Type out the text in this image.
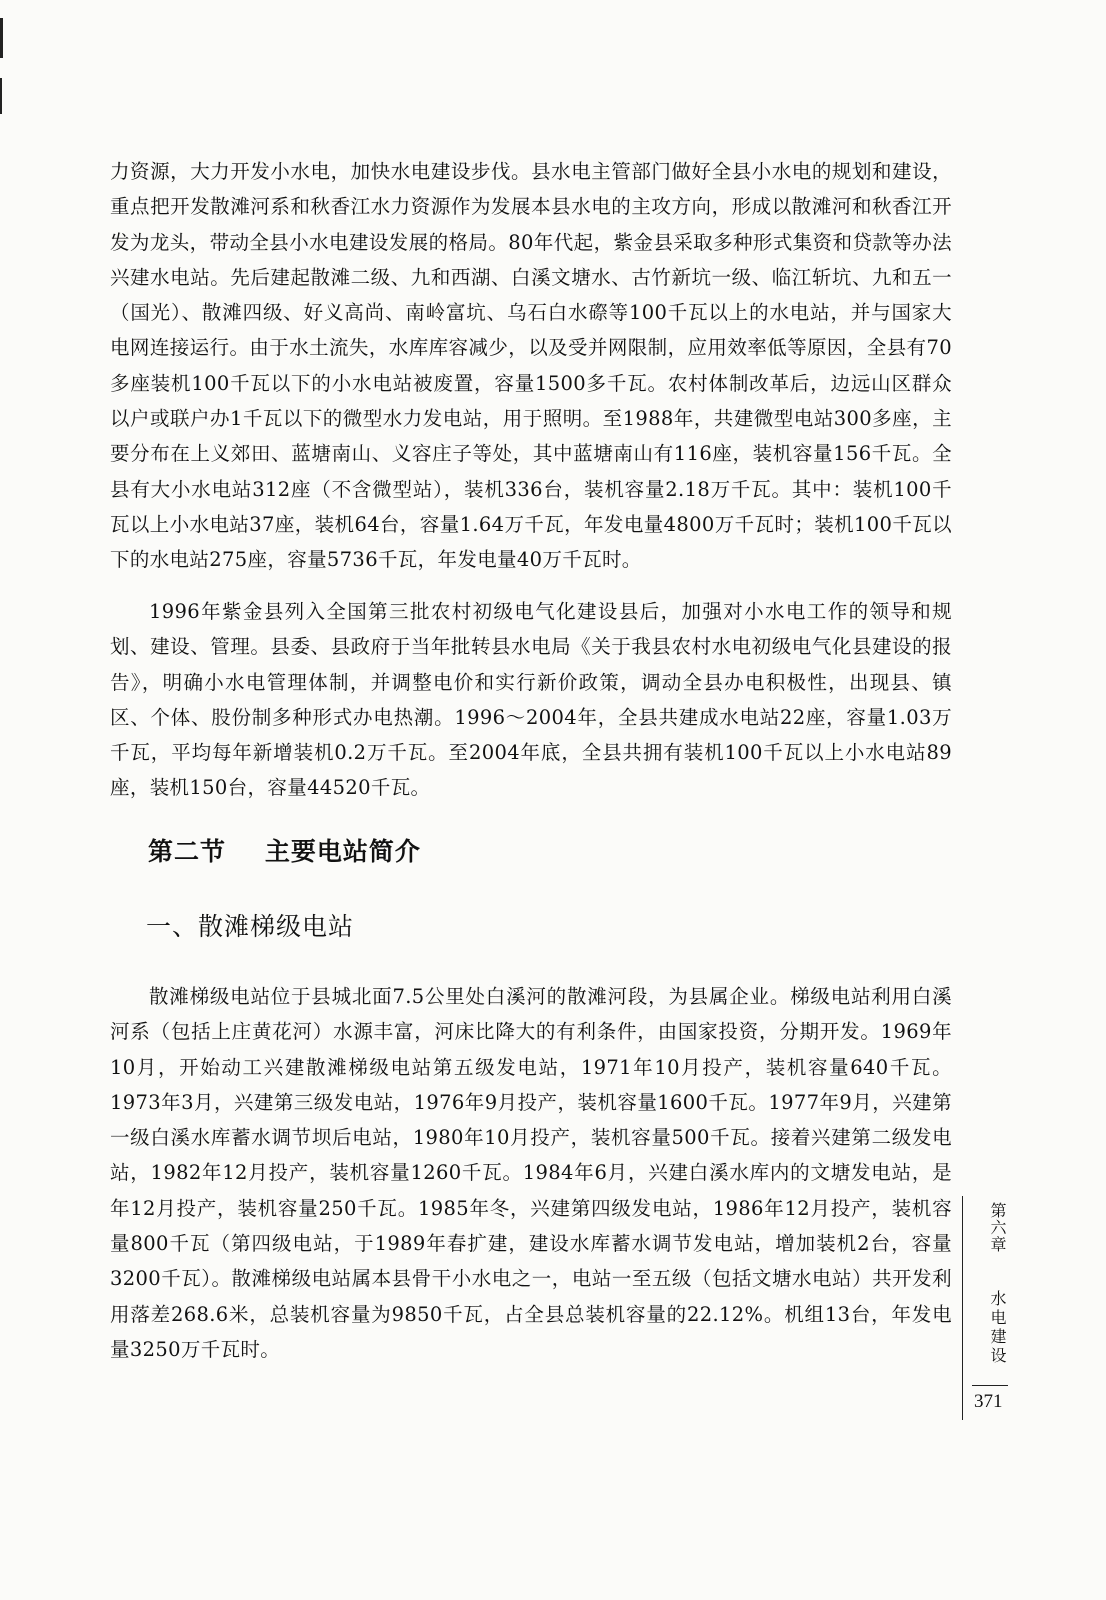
力资源，大力开发小水电，加快水电建设步伐。县水电主管部门做好全县小水电的规划和建设，重点把开发散滩河系和秋香江水力资源作为发展本县水电的主攻方向，形成以散滩河和秋香江开发为龙头，带动全县小水电建设发展的格局。80年代起，紫金县采取多种形式集资和贷款等办法兴建水电站。先后建起散滩二级、九和西湖、白溪文塘水、古竹新坑一级、临江斩坑、九和五一（国光）、散滩四级、好义高尚、南岭富坑、乌石白水磜等100千瓦以上的水电站，并与国家大电网连接运行。由于水土流失，水库库容减少，以及受并网限制，应用效率低等原因，全县有70多座装机100千瓦以下的小水电站被废置，容量1500多千瓦。农村体制改革后，边远山区群众以户或联户办1千瓦以下的微型水力发电站，用于照明。至1988年，共建微型电站300多座，主要分布在上义郊田、蓝塘南山、义容庄子等处，其中蓝塘南山有116座，装机容量156千瓦。全县有大小水电站312座（不含微型站），装机336台，装机容量2.18万千瓦。其中：装机100千瓦以上小水电站37座，装机64台，容量1.64万千瓦，年发电量4800万千瓦时；装机100千瓦以下的水电站275座，容量5736千瓦，年发电量40万千瓦时。

1996年紫金县列入全国第三批农村初级电气化建设县后，加强对小水电工作的领导和规划、建设、管理。县委、县政府于当年批转县水电局《关于我县农村水电初级电气化县建设的报告》，明确小水电管理体制，并调整电价和实行新价政策，调动全县办电积极性，出现县、镇区、个体、股份制多种形式办电热潮。1996～2004年，全县共建成水电站22座，容量1.03万千瓦，平均每年新增装机0.2万千瓦。至2004年底，全县共拥有装机100千瓦以上小水电站89座，装机150台，容量44520千瓦。

第二节    主要电站简介
一、散滩梯级电站

散滩梯级电站位于县城北面7.5公里处白溪河的散滩河段，为县属企业。梯级电站利用白溪河系（包括上庄黄花河）水源丰富，河床比降大的有利条件，由国家投资，分期开发。1969年10月，开始动工兴建散滩梯级电站第五级发电站，1971年10月投产，装机容量640千瓦。1973年3月，兴建第三级发电站，1976年9月投产，装机容量1600千瓦。1977年9月，兴建第一级白溪水库蓄水调节坝后电站，1980年10月投产，装机容量500千瓦。接着兴建第二级发电站，1982年12月投产，装机容量1260千瓦。1984年6月，兴建白溪水库内的文塘发电站，是年12月投产，装机容量250千瓦。1985年冬，兴建第四级发电站，1986年12月投产，装机容量800千瓦（第四级电站，于1989年春扩建，建设水库蓄水调节发电站，增加装机2台，容量3200千瓦）。散滩梯级电站属本县骨干小水电之一，电站一至五级（包括文塘水电站）共开发利用落差268.6米，总装机容量为9850千瓦，占全县总装机容量的22.12%。机组13台，年发电量3250万千瓦时。

第六章
水电建设
371
